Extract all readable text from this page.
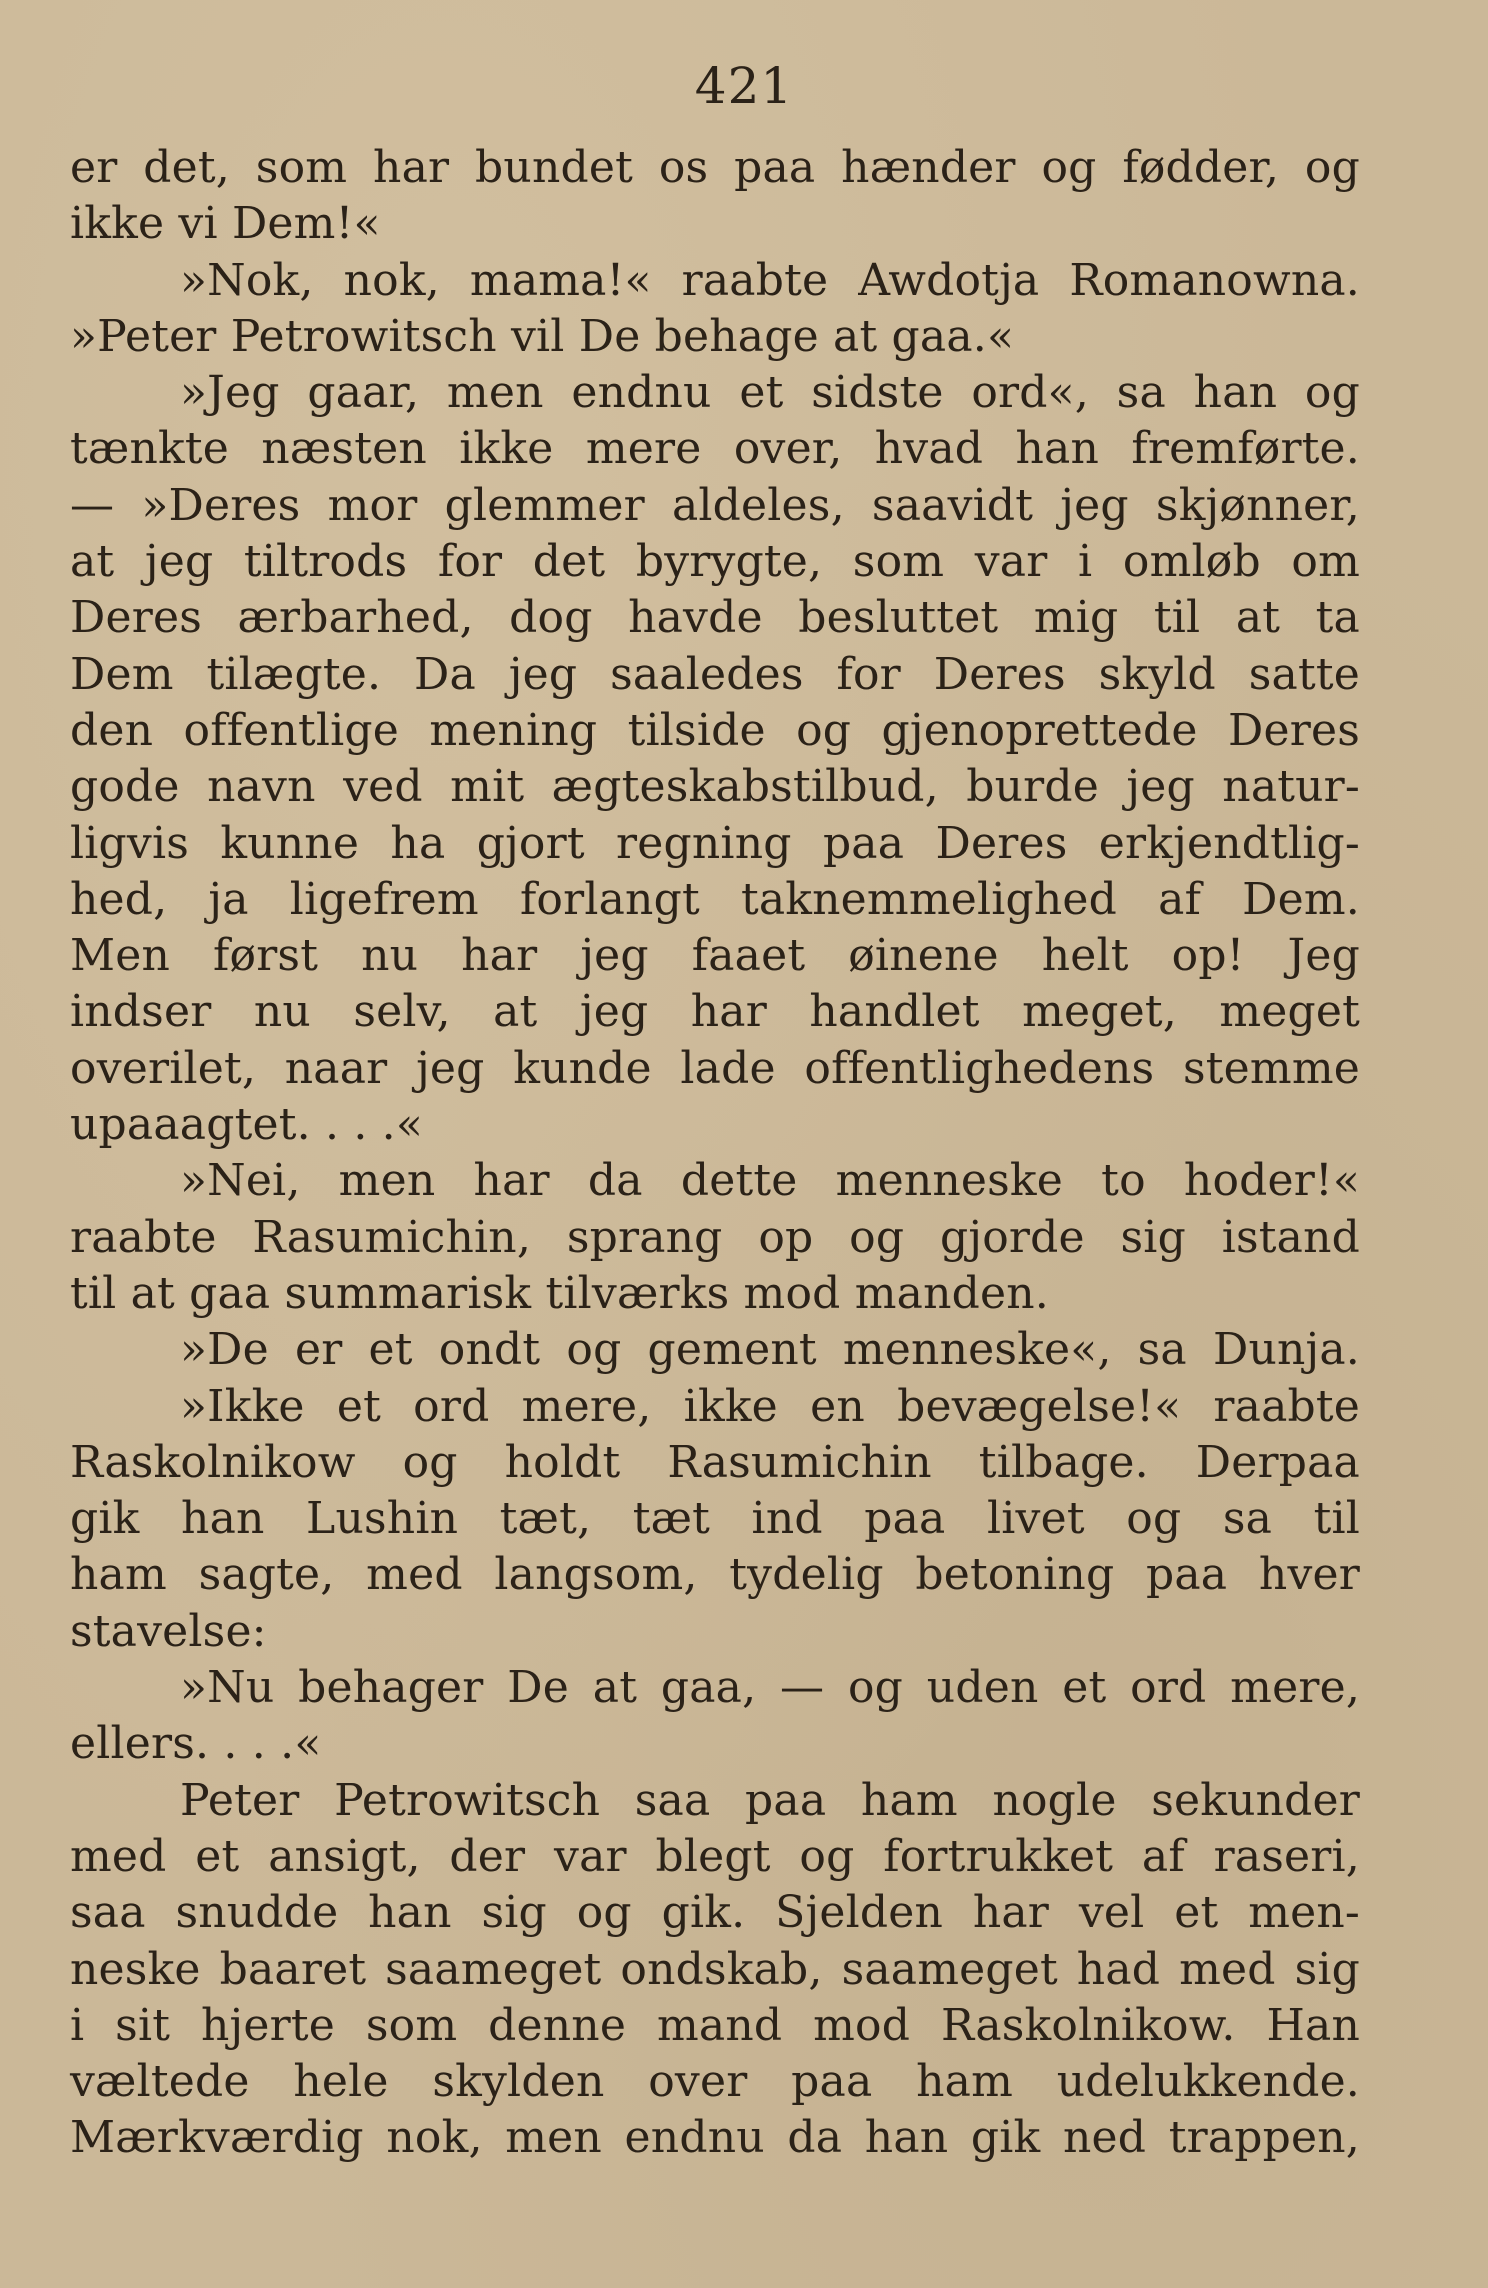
421
er det, som har bundet os paa hænder og fødder, og
ikke vi Dem!«
»Nok, nok, mama!« raabte Awdotja Romanowna.
»Peter Petrowitsch vil De behage at gaa.«
»Jeg gaar, men endnu et sidste ord«, sa han og
tænkte næsten ikke mere over, hvad han fremførte.
— »Deres mor glemmer aldeles, saavidt jeg skjønner,
at jeg tiltrods for det byrygte, som var i omløb om
Deres ærbarhed, dog havde besluttet mig til at ta
Dem tilægte. Da jeg saaledes for Deres skyld satte
den offentlige mening tilside og gjenoprettede Deres
gode navn ved mit ægteskabstilbud, burde jeg natur-
ligvis kunne ha gjort regning paa Deres erkjendtlig-
hed, ja ligefrem forlangt taknemmelighed af Dem.
Men først nu har jeg faaet øinene helt op! Jeg
indser nu selv, at jeg har handlet meget, meget
overilet, naar jeg kunde lade offentlighedens stemme
upaaagtet. . . .«
»Nei, men har da dette menneske to hoder!«
raabte Rasumichin, sprang op og gjorde sig istand
til at gaa summarisk tilværks mod manden.
»De er et ondt og gement menneske«, sa Dunja.
»Ikke et ord mere, ikke en bevægelse!« raabte
Raskolnikow og holdt Rasumichin tilbage. Derpaa
gik han Lushin tæt, tæt ind paa livet og sa til
ham sagte, med langsom, tydelig betoning paa hver
stavelse:
»Nu behager De at gaa, — og uden et ord mere,
ellers. . . .«
Peter Petrowitsch saa paa ham nogle sekunder
med et ansigt, der var blegt og fortrukket af raseri,
saa snudde han sig og gik. Sjelden har vel et men-
neske baaret saameget ondskab, saameget had med sig
i sit hjerte som denne mand mod Raskolnikow. Han
væltede hele skylden over paa ham udelukkende.
Mærkværdig nok, men endnu da han gik ned trappen,
